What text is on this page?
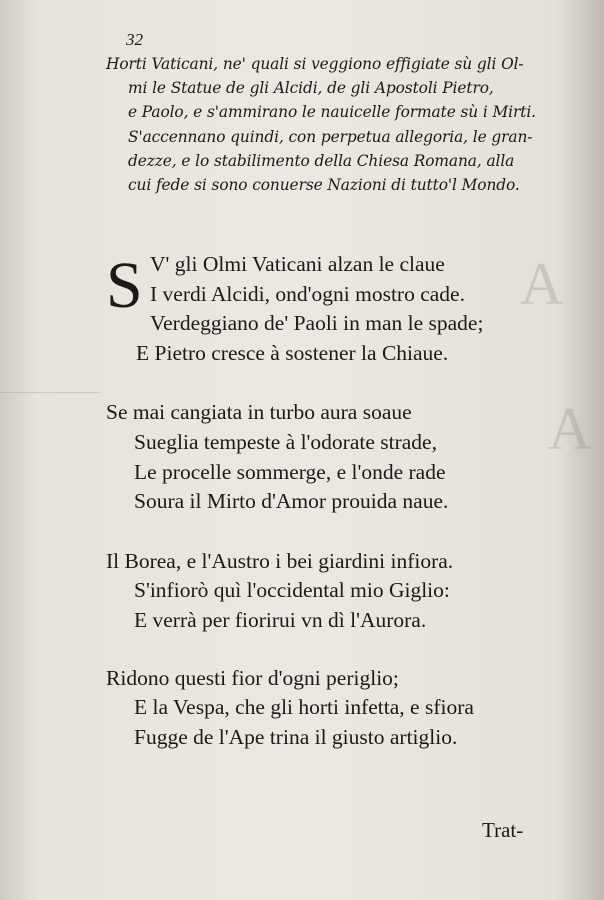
A
A
32
Horti Vaticani, ne' quali si veggiono effigiate sù gli Ol-
mi le Statue de gli Alcidi, de gli Apostoli Pietro,
e Paolo, e s'ammirano le nauicelle formate sù i Mirti.
S'accennano quindi, con perpetua allegoria, le gran-
dezze, e lo stabilimento della Chiesa Romana, alla
cui fede si sono conuerse Nazioni di tutto'l Mondo.
S V' gli Olmi Vaticani alzan le claue
I verdi Alcidi, ond'ogni mostro cade.
Verdeggiano de' Paoli in man le spade;
E Pietro cresce à sostener la Chiaue.
Se mai cangiata in turbo aura soaue
Sueglia tempeste à l'odorate strade,
Le procelle sommerge, e l'onde rade
Soura il Mirto d'Amor prouida naue.
Il Borea, e l'Austro i bei giardini infiora.
S'infiorò quì l'occidental mio Giglio:
E verrà per fiorirui vn dì l'Aurora.
Ridono questi fior d'ogni periglio;
E la Vespa, che gli horti infetta, e sfiora
Fugge de l'Ape trina il giusto artiglio.
Trat-
